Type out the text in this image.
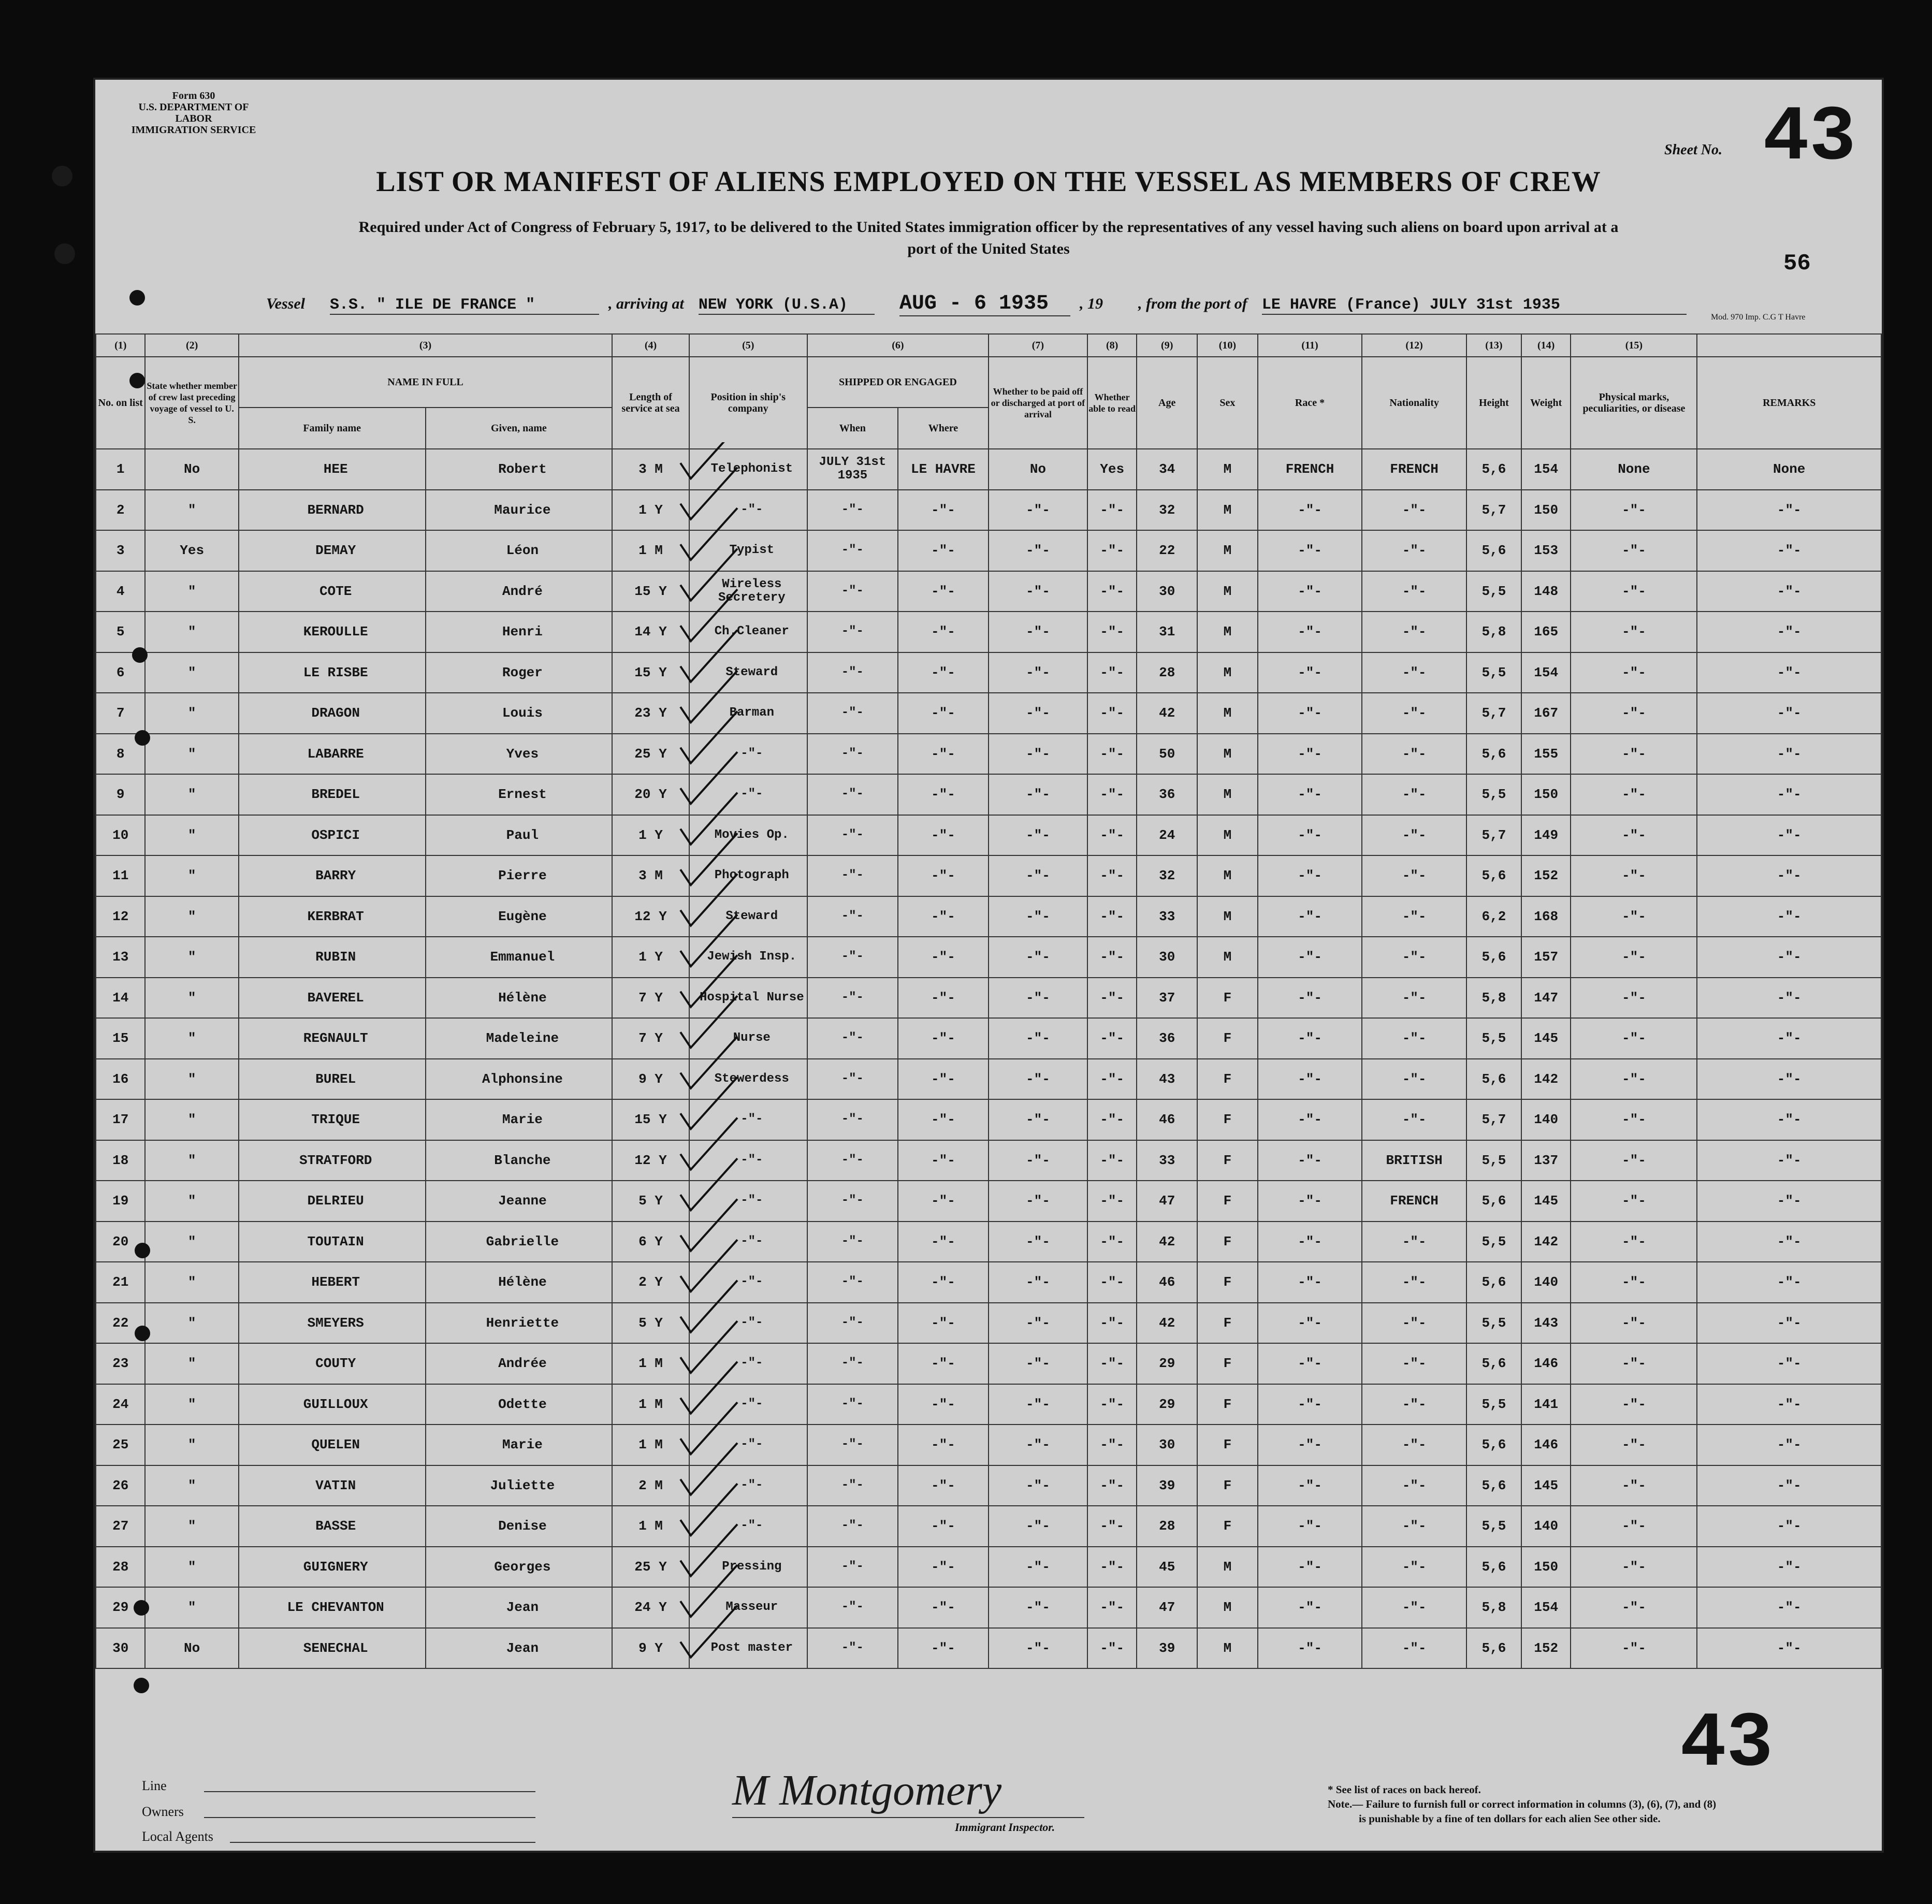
Form 630
U.S. DEPARTMENT OF LABOR
IMMIGRATION SERVICE
Sheet No. 43
56
LIST OR MANIFEST OF ALIENS EMPLOYED ON THE VESSEL AS MEMBERS OF CREW
Required under Act of Congress of February 5, 1917, to be delivered to the United States immigration officer by the representatives of any vessel having such aliens on board upon arrival at a
port of the United States
Vessel S.S. " ILE DE FRANCE "	, arriving at NEW YORK (U.S.A) AUG - 6 1935 , 19 , from the port of LE HAVRE (France) JULY 31st 1935
Mod. 970 Imp. C.G T Havre
(1)	(2)	(3)		(4)	(5)	(6)		(7)	(8)	(9)	(10)	(11)	(12)	(13)	(14)	(15)	
No. on list	State whether member of crew last preceding voyage of vessel to U. S.	NAME IN FULL		Length of service at sea	Position in ship's company	SHIPPED OR ENGAGED		Whether to be paid off or discharged at port of arrival	Whether able to read	Age	Sex	Race *	Nationality	Height	Weight	Physical marks, peculiarities, or disease	REMARKS
		Family name	Given, name			When	Where										
1	No	HEE	Robert	3 M	Telephonist	JULY 31st 1935	LE HAVRE	No	Yes	34	M	FRENCH	FRENCH	5,6	154	None	None
2	"	BERNARD	Maurice	1 Y	-"-	-"-	-"-	-"-	-"-	32	M	-"-	-"-	5,7	150	-"-	-"-
3	Yes	DEMAY	Léon	1 M	Typist	-"-	-"-	-"-	-"-	22	M	-"-	-"-	5,6	153	-"-	-"-
4	"	COTE	André	15 Y	Wireless Secretery	-"-	-"-	-"-	-"-	30	M	-"-	-"-	5,5	148	-"-	-"-
5	"	KEROULLE	Henri	14 Y	Ch.Cleaner	-"-	-"-	-"-	-"-	31	M	-"-	-"-	5,8	165	-"-	-"-
6	"	LE RISBE	Roger	15 Y	Steward	-"-	-"-	-"-	-"-	28	M	-"-	-"-	5,5	154	-"-	-"-
7	"	DRAGON	Louis	23 Y	Barman	-"-	-"-	-"-	-"-	42	M	-"-	-"-	5,7	167	-"-	-"-
8	"	LABARRE	Yves	25 Y	-"-	-"-	-"-	-"-	-"-	50	M	-"-	-"-	5,6	155	-"-	-"-
9	"	BREDEL	Ernest	20 Y	-"-	-"-	-"-	-"-	-"-	36	M	-"-	-"-	5,5	150	-"-	-"-
10	"	OSPICI	Paul	1 Y	Movies Op.	-"-	-"-	-"-	-"-	24	M	-"-	-"-	5,7	149	-"-	-"-
11	"	BARRY	Pierre	3 M	Photograph	-"-	-"-	-"-	-"-	32	M	-"-	-"-	5,6	152	-"-	-"-
12	"	KERBRAT	Eugène	12 Y	Steward	-"-	-"-	-"-	-"-	33	M	-"-	-"-	6,2	168	-"-	-"-
13	"	RUBIN	Emmanuel	1 Y	Jewish Insp.	-"-	-"-	-"-	-"-	30	M	-"-	-"-	5,6	157	-"-	-"-
14	"	BAVEREL	Hélène	7 Y	Hospital Nurse	-"-	-"-	-"-	-"-	37	F	-"-	-"-	5,8	147	-"-	-"-
15	"	REGNAULT	Madeleine	7 Y	Nurse	-"-	-"-	-"-	-"-	36	F	-"-	-"-	5,5	145	-"-	-"-
16	"	BUREL	Alphonsine	9 Y	Stewerdess	-"-	-"-	-"-	-"-	43	F	-"-	-"-	5,6	142	-"-	-"-
17	"	TRIQUE	Marie	15 Y	-"-	-"-	-"-	-"-	-"-	46	F	-"-	-"-	5,7	140	-"-	-"-
18	"	STRATFORD	Blanche	12 Y	-"-	-"-	-"-	-"-	-"-	33	F	-"-	BRITISH	5,5	137	-"-	-"-
19	"	DELRIEU	Jeanne	5 Y	-"-	-"-	-"-	-"-	-"-	47	F	-"-	FRENCH	5,6	145	-"-	-"-
20	"	TOUTAIN	Gabrielle	6 Y	-"-	-"-	-"-	-"-	-"-	42	F	-"-	-"-	5,5	142	-"-	-"-
21	"	HEBERT	Hélène	2 Y	-"-	-"-	-"-	-"-	-"-	46	F	-"-	-"-	5,6	140	-"-	-"-
22	"	SMEYERS	Henriette	5 Y	-"-	-"-	-"-	-"-	-"-	42	F	-"-	-"-	5,5	143	-"-	-"-
23	"	COUTY	Andrée	1 M	-"-	-"-	-"-	-"-	-"-	29	F	-"-	-"-	5,6	146	-"-	-"-
24	"	GUILLOUX	Odette	1 M	-"-	-"-	-"-	-"-	-"-	29	F	-"-	-"-	5,5	141	-"-	-"-
25	"	QUELEN	Marie	1 M	-"-	-"-	-"-	-"-	-"-	30	F	-"-	-"-	5,6	146	-"-	-"-
26	"	VATIN	Juliette	2 M	-"-	-"-	-"-	-"-	-"-	39	F	-"-	-"-	5,6	145	-"-	-"-
27	"	BASSE	Denise	1 M	-"-	-"-	-"-	-"-	-"-	28	F	-"-	-"-	5,5	140	-"-	-"-
28	"	GUIGNERY	Georges	25 Y	Pressing	-"-	-"-	-"-	-"-	45	M	-"-	-"-	5,6	150	-"-	-"-
29	"	LE CHEVANTON	Jean	24 Y	Masseur	-"-	-"-	-"-	-"-	47	M	-"-	-"-	5,8	154	-"-	-"-
30	No	SENECHAL	Jean	9 Y	Post master	-"-	-"-	-"-	-"-	39	M	-"-	-"-	5,6	152	-"-	-"-
Line
Owners
Local Agents
M Montgomery
Immigrant Inspector.
* See list of races on back hereof.
Note.— Failure to furnish full or correct information in columns (3), (6), (7), and (8)
is punishable by a fine of ten dollars for each alien See other side.
43
